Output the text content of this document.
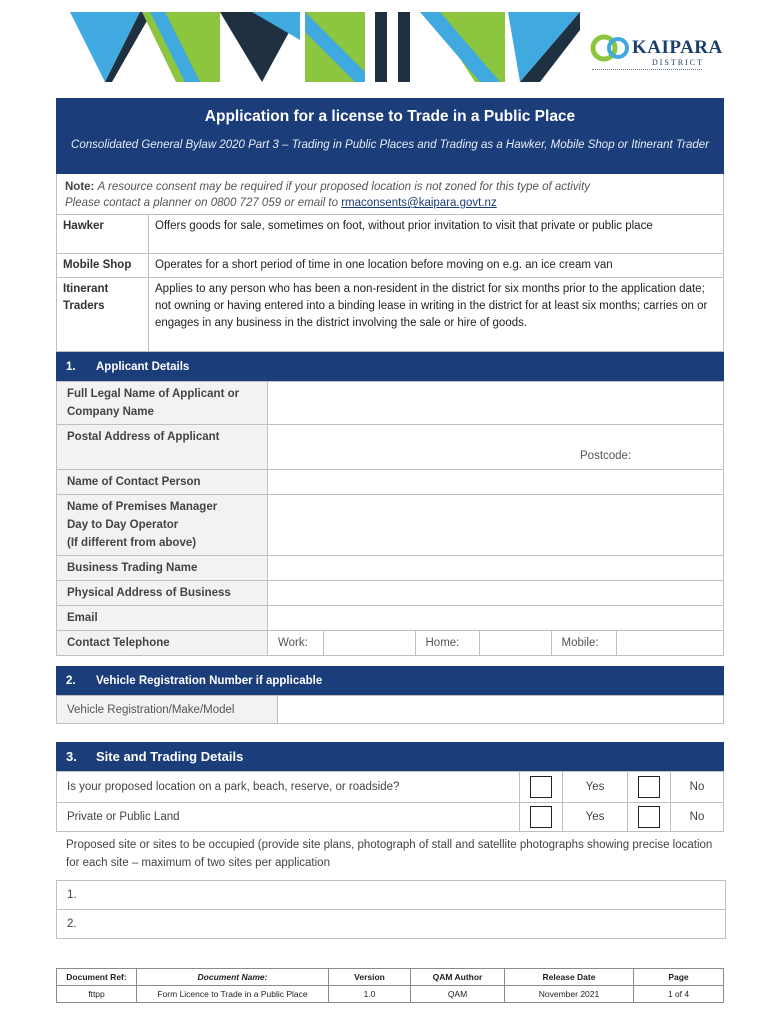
KAIPARA
DISTRICT
Application for a license to Trade in a Public Place
Consolidated General Bylaw 2020 Part 3 – Trading in Public Places and Trading as a Hawker, Mobile Shop or Itinerant Trader
Note: A resource consent may be required if your proposed location is not zoned for this type of activity
Please contact a planner on 0800 727 059 or email to rmaconsents@kaipara.govt.nz
Hawker	Offers goods for sale, sometimes on foot, without prior invitation to visit that private or public place
Mobile Shop	Operates for a short period of time in one location before moving on e.g. an ice cream van
Itinerant Traders	Applies to any person who has been a non-resident in the district for six months prior to the application date; not owning or having entered into a binding lease in writing in the district for at least six months; carries on or engages in any business in the district involving the sale or hire of goods.
1.	Applicant Details
Full Legal Name of Applicant or Company Name	
Postal Address of Applicant	Postcode:
Name of Contact Person	

Name of Premises Manager
Day to Day Operator
(If different from above)

Business Trading Name	
Physical Address of Business	
Email	
Contact Telephone		Work:		Home:		Mobile:	
2.	Vehicle Registration Number if applicable
Vehicle Registration/Make/Model	
3.	Site and Trading Details
Is your proposed location on a park, beach, reserve, or roadside?		Yes		No
Private or Public Land		Yes		No
Proposed site or sites to be occupied (provide site plans, photograph of stall and satellite photographs showing precise location for each site – maximum of two sites per application
1.
2.
Document Ref:	Document Name:	Version	QAM Author	Release Date	Page
fttpp	Form Licence to Trade in a Public Place	1.0	QAM	November 2021	1 of 4
